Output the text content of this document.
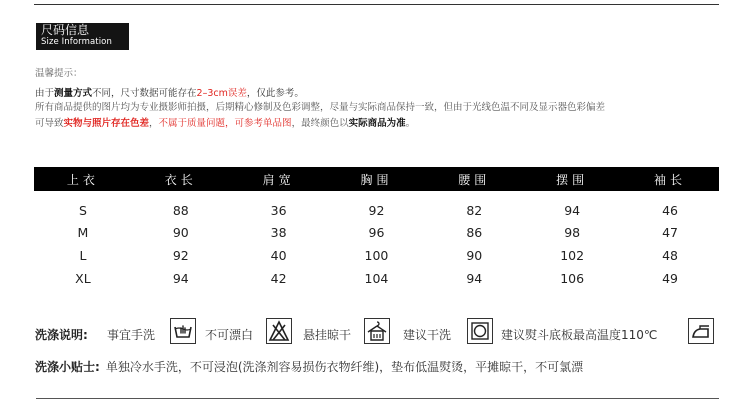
尺码信息
Size Information
温馨提示：
由于测量方式不同，尺寸数据可能存在2–3cm误差，仅此参考。
所有商品提供的图片均为专业摄影师拍摄，后期精心修制及色彩调整，尽量与实际商品保持一致，但由于光线色温不同及显示器色彩偏差
可导致实物与照片存在色差，不属于质量问题，可参考单品图，最终颜色以实际商品为准。
上衣	衣长	肩宽	胸围	腰围	摆围	袖长
S	88	36	92	82	94	46
M	90	38	96	86	98	47
L	92	40	100	90	102	48
XL	94	42	104	94	106	49
洗涤说明: 事宜手洗	不可漂白	悬挂晾干	建议干洗	建议熨斗底板最高温度110℃
洗涤小贴士: 单独冷水手洗，不可浸泡(洗涤剂容易损伤衣物纤维)，垫布低温熨烫，平摊晾干，不可氯漂
